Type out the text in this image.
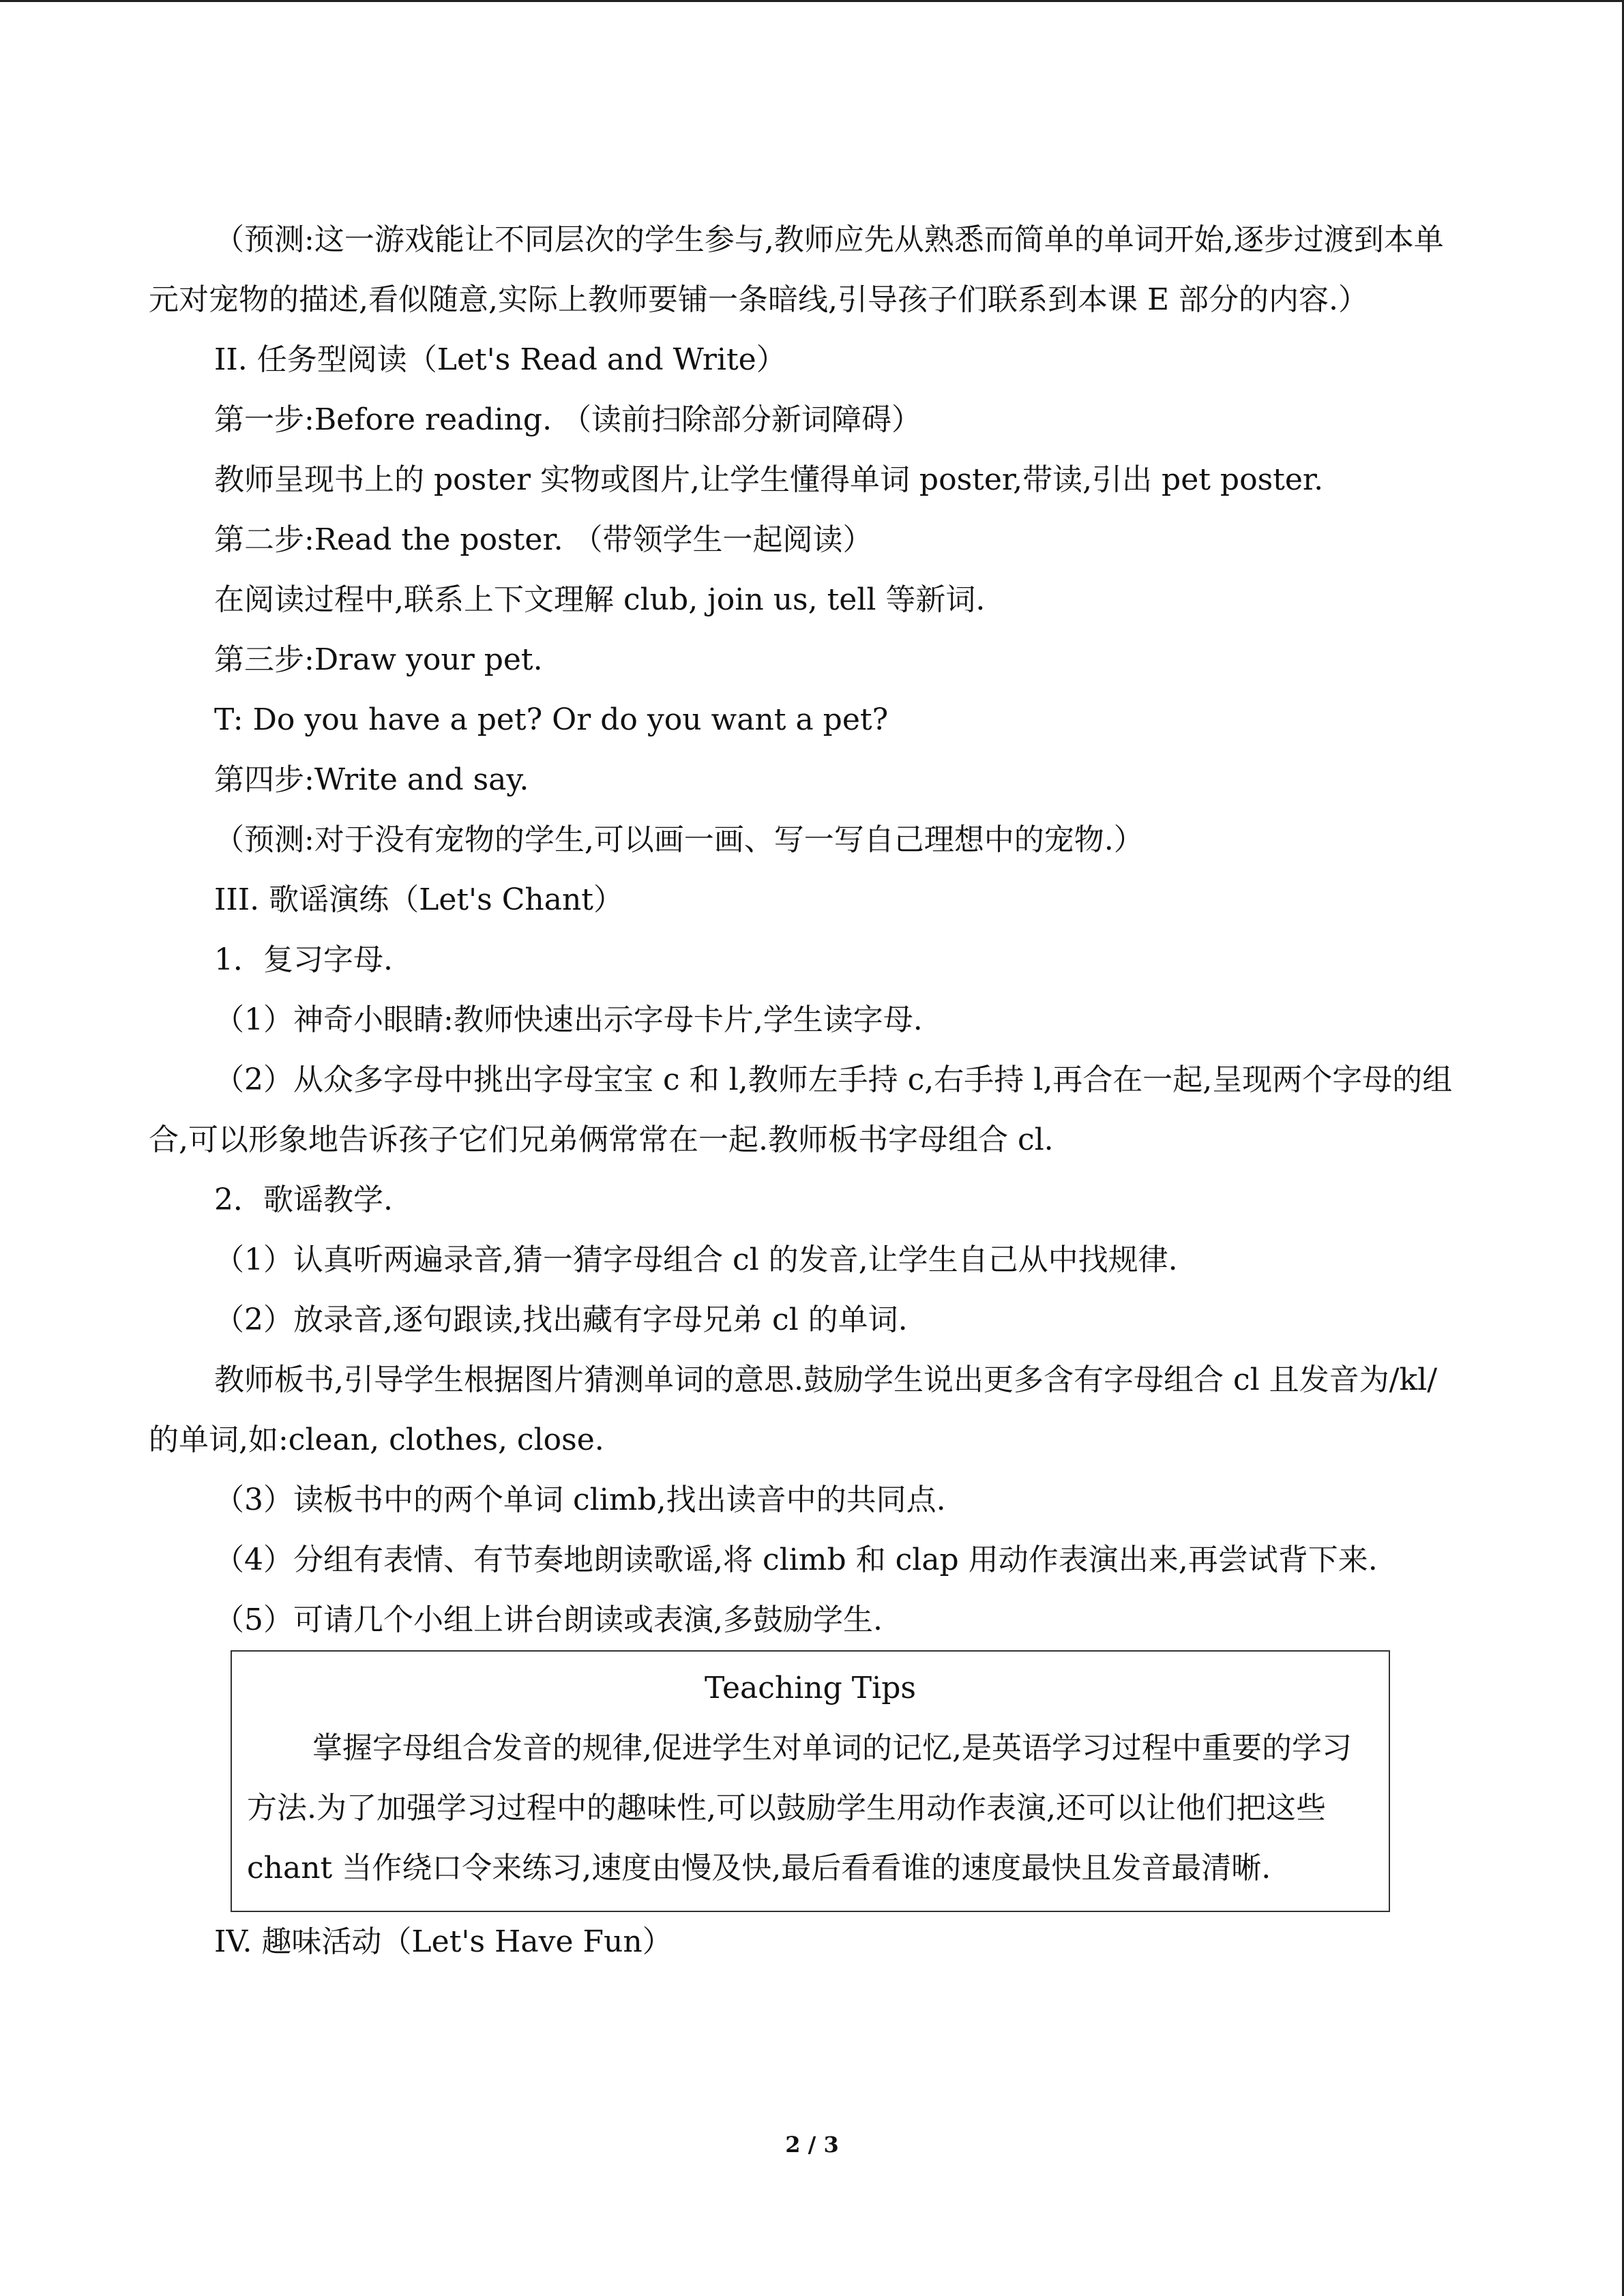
（预测:这一游戏能让不同层次的学生参与,教师应先从熟悉而简单的单词开始,逐步过渡到本单元对宠物的描述,看似随意,实际上教师要铺一条暗线,引导孩子们联系到本课 E 部分的内容.）

II. 任务型阅读（Let's Read and Write）

第一步:Before reading. （读前扫除部分新词障碍）

教师呈现书上的 poster 实物或图片,让学生懂得单词 poster,带读,引出 pet poster.

第二步:Read the poster. （带领学生一起阅读）

在阅读过程中,联系上下文理解 club, join us, tell 等新词.

第三步:Draw your pet.

T: Do you have a pet? Or do you want a pet?

第四步:Write and say.

（预测:对于没有宠物的学生,可以画一画、写一写自己理想中的宠物.）

III. 歌谣演练（Let's Chant）

1．复习字母.

（1）神奇小眼睛:教师快速出示字母卡片,学生读字母.

（2）从众多字母中挑出字母宝宝 c 和 l,教师左手持 c,右手持 l,再合在一起,呈现两个字母的组合,可以形象地告诉孩子它们兄弟俩常常在一起.教师板书字母组合 cl.

2．歌谣教学.

（1）认真听两遍录音,猜一猜字母组合 cl 的发音,让学生自己从中找规律.

（2）放录音,逐句跟读,找出藏有字母兄弟 cl 的单词.

教师板书,引导学生根据图片猜测单词的意思.鼓励学生说出更多含有字母组合 cl 且发音为/kl/的单词,如:clean, clothes, close.

（3）读板书中的两个单词 climb,找出读音中的共同点.

（4）分组有表情、有节奏地朗读歌谣,将 climb 和 clap 用动作表演出来,再尝试背下来.

（5）可请几个小组上讲台朗读或表演,多鼓励学生.

Teaching Tips

掌握字母组合发音的规律,促进学生对单词的记忆,是英语学习过程中重要的学习方法.为了加强学习过程中的趣味性,可以鼓励学生用动作表演,还可以让他们把这些 chant 当作绕口令来练习,速度由慢及快,最后看看谁的速度最快且发音最清晰.

IV. 趣味活动（Let's Have Fun）

2 / 3
